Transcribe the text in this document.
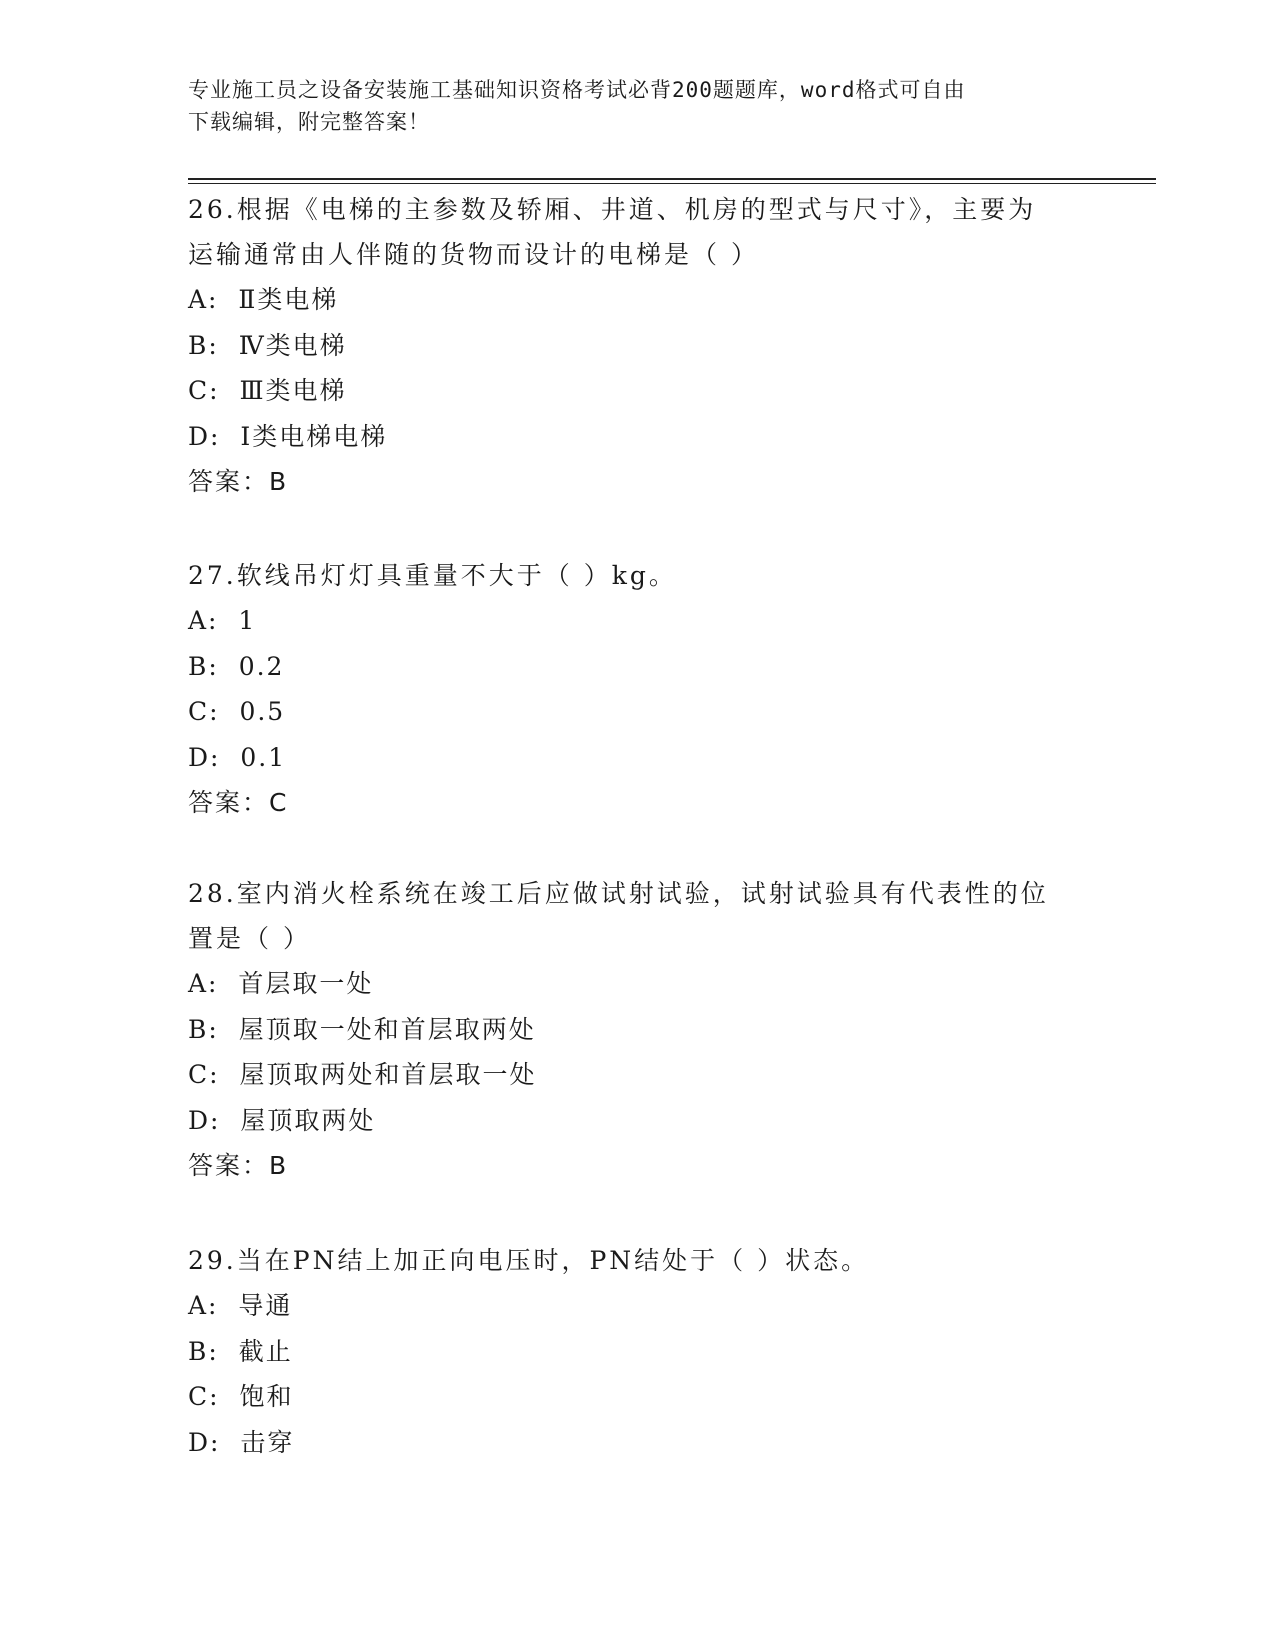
专业施工员之设备安装施工基础知识资格考试必背200题题库，word格式可自由
下载编辑，附完整答案！
26.根据《电梯的主参数及轿厢、井道、机房的型式与尺寸》，主要为
运输通常由人伴随的货物而设计的电梯是（ ）
A:  Ⅱ类电梯
B:  Ⅳ类电梯
C:  Ⅲ类电梯
D:  Ⅰ类电梯电梯
答案：B
27.软线吊灯灯具重量不大于（ ）kg。
A:  1
B:  0.2
C:  0.5
D:  0.1
答案：C
28.室内消火栓系统在竣工后应做试射试验，试射试验具有代表性的位
置是（ ）
A:  首层取一处
B:  屋顶取一处和首层取两处
C:  屋顶取两处和首层取一处
D:  屋顶取两处
答案：B
29.当在PN结上加正向电压时，PN结处于（ ）状态。
A:  导通
B:  截止
C:  饱和
D:  击穿
